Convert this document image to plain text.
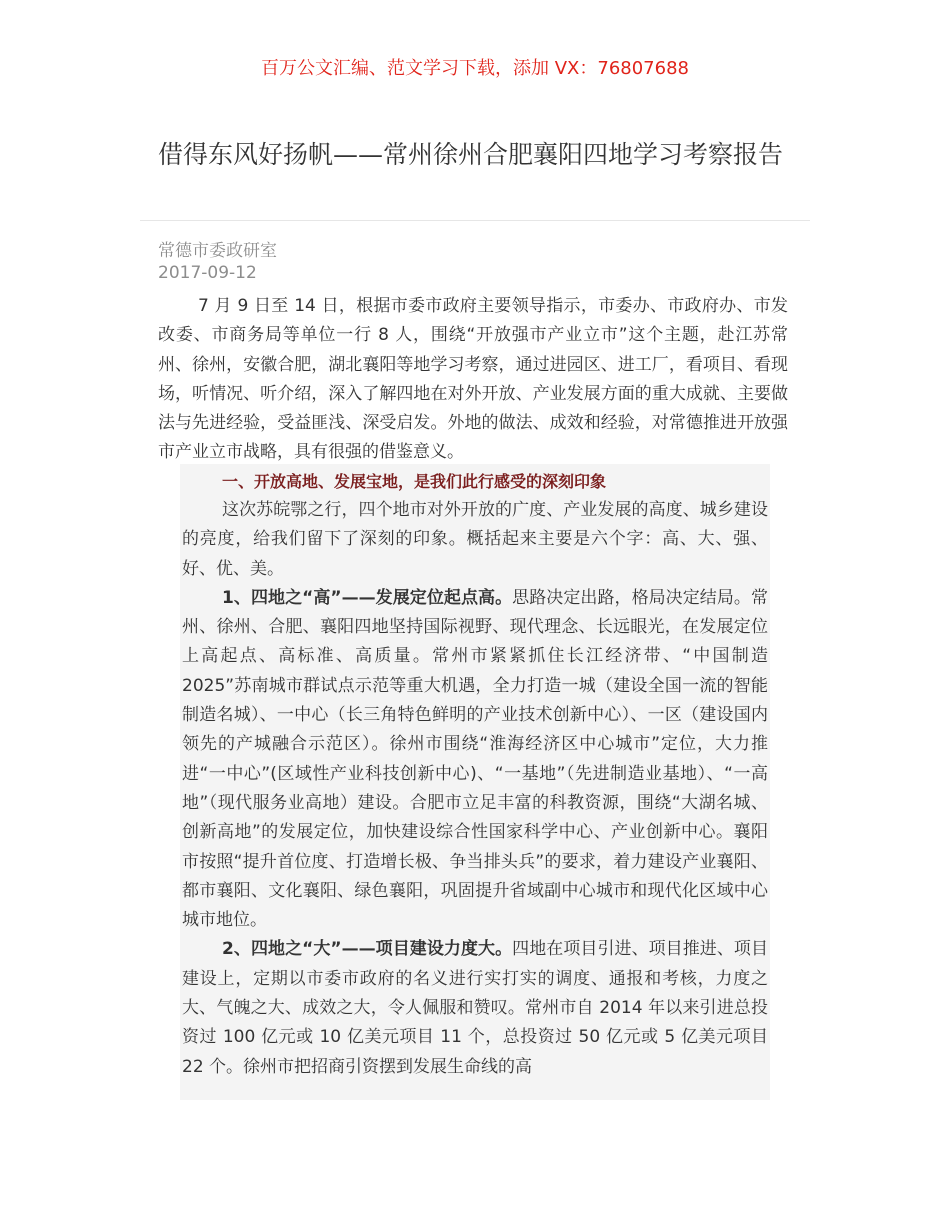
百万公文汇编、范文学习下载，添加 VX：76807688
借得东风好扬帆——常州徐州合肥襄阳四地学习考察报告
常德市委政研室
2017-09-12

7 月 9 日至 14 日，根据市委市政府主要领导指示，市委办、市政府办、市发改委、市商务局等单位一行 8 人，围绕“开放强市产业立市”这个主题，赴江苏常州、徐州，安徽合肥，湖北襄阳等地学习考察，通过进园区、进工厂，看项目、看现场，听情况、听介绍，深入了解四地在对外开放、产业发展方面的重大成就、主要做法与先进经验，受益匪浅、深受启发。外地的做法、成效和经验，对常德推进开放强市产业立市战略，具有很强的借鉴意义。

一、开放高地、发展宝地，是我们此行感受的深刻印象

这次苏皖鄂之行，四个地市对外开放的广度、产业发展的高度、城乡建设的亮度，给我们留下了深刻的印象。概括起来主要是六个字：高、大、强、好、优、美。

1、四地之“高”——发展定位起点高。思路决定出路，格局决定结局。常州、徐州、合肥、襄阳四地坚持国际视野、现代理念、长远眼光，在发展定位上高起点、高标准、高质量。常州市紧紧抓住长江经济带、“中国制造 2025”苏南城市群试点示范等重大机遇，全力打造一城（建设全国一流的智能制造名城）、一中心（长三角特色鲜明的产业技术创新中心）、一区（建设国内领先的产城融合示范区）。徐州市围绕“淮海经济区中心城市”定位，大力推进“一中心”(区域性产业科技创新中心)、“一基地”（先进制造业基地）、“一高地”（现代服务业高地）建设。合肥市立足丰富的科教资源，围绕“大湖名城、创新高地”的发展定位，加快建设综合性国家科学中心、产业创新中心。襄阳市按照“提升首位度、打造增长极、争当排头兵”的要求，着力建设产业襄阳、都市襄阳、文化襄阳、绿色襄阳，巩固提升省域副中心城市和现代化区域中心城市地位。

2、四地之“大”——项目建设力度大。四地在项目引进、项目推进、项目建设上，定期以市委市政府的名义进行实打实的调度、通报和考核，力度之大、气魄之大、成效之大，令人佩服和赞叹。常州市自 2014 年以来引进总投资过 100 亿元或 10 亿美元项目 11 个，总投资过 50 亿元或 5 亿美元项目 22 个。徐州市把招商引资摆到发展生命线的高
